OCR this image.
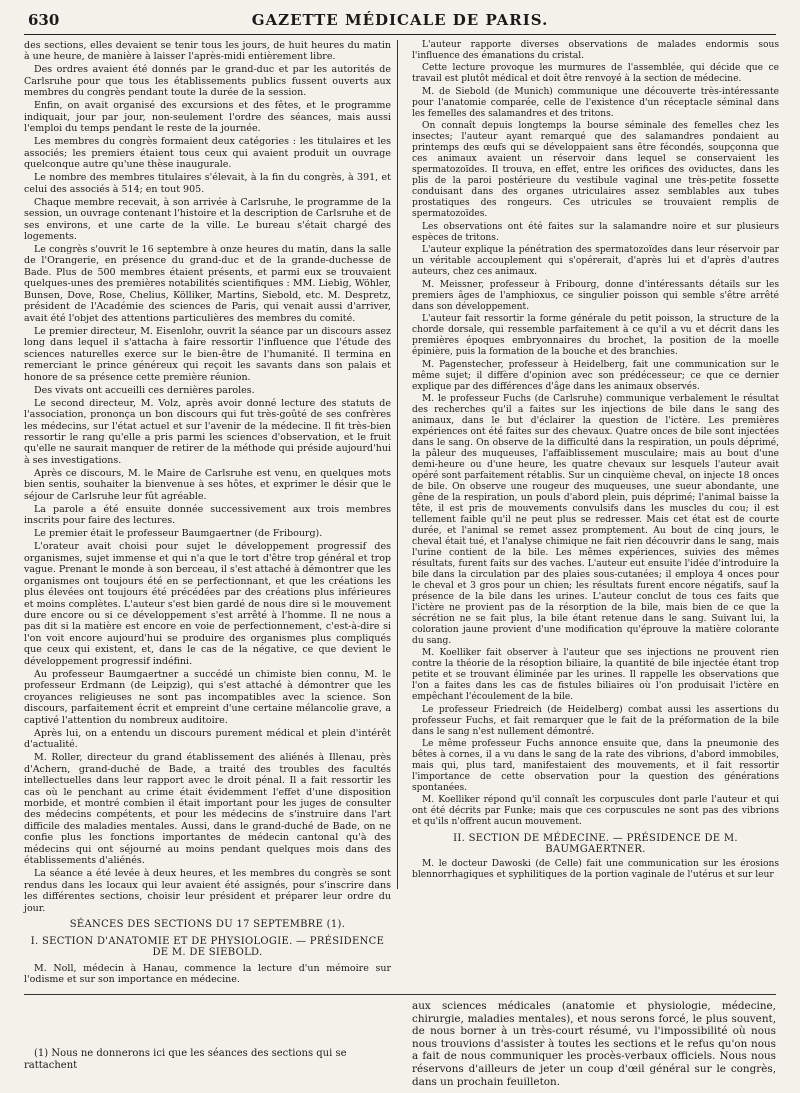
630	GAZETTE MÉDICALE DE PARIS.

des sections, elles devaient se tenir tous les jours, de huit heures du matin à une heure, de manière à laisser l'après-midi entièrement libre.

Des ordres avaient été donnés par le grand-duc et par les autorités de Carlsruhe pour que tous les établissements publics fussent ouverts aux membres du congrès pendant toute la durée de la session.

Enfin, on avait organisé des excursions et des fêtes, et le programme indiquait, jour par jour, non-seulement l'ordre des séances, mais aussi l'emploi du temps pendant le reste de la journée.

Les membres du congrès formaient deux catégories : les titulaires et les associés; les premiers étaient tous ceux qui avaient produit un ouvrage quelconque autre qu'une thèse inaugurale.

Le nombre des membres titulaires s'élevait, à la fin du congrès, à 391, et celui des associés à 514; en tout 905.

Chaque membre recevait, à son arrivée à Carlsruhe, le programme de la session, un ouvrage contenant l'histoire et la description de Carlsruhe et de ses environs, et une carte de la ville. Le bureau s'était chargé des logements.

Le congrès s'ouvrit le 16 septembre à onze heures du matin, dans la salle de l'Orangerie, en présence du grand-duc et de la grande-duchesse de Bade. Plus de 500 membres étaient présents, et parmi eux se trouvaient quelques-unes des premières notabilités scientifiques : MM. Liebig, Wöhler, Bunsen, Dove, Rose, Chelius, Kölliker, Martins, Siebold, etc. M. Despretz, président de l'Académie des sciences de Paris, qui venait aussi d'arriver, avait été l'objet des attentions particulières des membres du comité.

Le premier directeur, M. Eisenlohr, ouvrit la séance par un discours assez long dans lequel il s'attacha à faire ressortir l'influence que l'étude des sciences naturelles exerce sur le bien-être de l'humanité. Il termina en remerciant le prince généreux qui reçoit les savants dans son palais et honore de sa présence cette première réunion.

Des vivats ont accueilli ces dernières paroles.

Le second directeur, M. Volz, après avoir donné lecture des statuts de l'association, prononça un bon discours qui fut très-goûté de ses confrères les médecins, sur l'état actuel et sur l'avenir de la médecine. Il fit très-bien ressortir le rang qu'elle a pris parmi les sciences d'observation, et le fruit qu'elle ne saurait manquer de retirer de la méthode qui préside aujourd'hui à ses investigations.

Après ce discours, M. le Maire de Carlsruhe est venu, en quelques mots bien sentis, souhaiter la bienvenue à ses hôtes, et exprimer le désir que le séjour de Carlsruhe leur fût agréable.

La parole a été ensuite donnée successivement aux trois membres inscrits pour faire des lectures.

Le premier était le professeur Baumgaertner (de Fribourg).

L'orateur avait choisi pour sujet le développement progressif des organismes, sujet immense et qui n'a que le tort d'être trop général et trop vague. Prenant le monde à son berceau, il s'est attaché à démontrer que les organismes ont toujours été en se perfectionnant, et que les créations les plus élevées ont toujours été précédées par des créations plus inférieures et moins complètes. L'auteur s'est bien gardé de nous dire si le mouvement dure encore ou si ce développement s'est arrêté à l'homme. Il ne nous a pas dit si la matière est encore en voie de perfectionnement, c'est-à-dire si l'on voit encore aujourd'hui se produire des organismes plus compliqués que ceux qui existent, et, dans le cas de la négative, ce que devient le développement progressif indéfini.

Au professeur Baumgaertner a succédé un chimiste bien connu, M. le professeur Erdmann (de Leipzig), qui s'est attaché à démontrer que les croyances religieuses ne sont pas incompatibles avec la science. Son discours, parfaitement écrit et empreint d'une certaine mélancolie grave, a captivé l'attention du nombreux auditoire.

Après lui, on a entendu un discours purement médical et plein d'intérêt d'actualité.

M. Roller, directeur du grand établissement des aliénés à Illenau, près d'Achern, grand-duché de Bade, a traité des troubles des facultés intellectuelles dans leur rapport avec le droit pénal. Il a fait ressortir les cas où le penchant au crime était évidemment l'effet d'une disposition morbide, et montré combien il était important pour les juges de consulter des médecins compétents, et pour les médecins de s'instruire dans l'art difficile des maladies mentales. Aussi, dans le grand-duché de Bade, on ne confie plus les fonctions importantes de médecin cantonal qu'à des médecins qui ont séjourné au moins pendant quelques mois dans des établissements d'aliénés.

La séance a été levée à deux heures, et les membres du congrès se sont rendus dans les locaux qui leur avaient été assignés, pour s'inscrire dans les différentes sections, choisir leur président et préparer leur ordre du jour.

SÉANCES DES SECTIONS DU 17 SEPTEMBRE (1).
I. SECTION D'ANATOMIE ET DE PHYSIOLOGIE. — PRÉSIDENCE DE M. DE SIEBOLD.

M. Noll, médecin à Hanau, commence la lecture d'un mémoire sur l'odisme et sur son importance en médecine.

L'auteur rapporte diverses observations de malades endormis sous l'influence des émanations du cristal.

Cette lecture provoque les murmures de l'assemblée, qui décide que ce travail est plutôt médical et doit être renvoyé à la section de médecine.

M. de Siebold (de Munich) communique une découverte très-intéressante pour l'anatomie comparée, celle de l'existence d'un réceptacle séminal dans les femelles des salamandres et des tritons.

On connaît depuis longtemps la bourse séminale des femelles chez les insectes; l'auteur ayant remarqué que des salamandres pondaient au printemps des œufs qui se développaient sans être fécondés, soupçonna que ces animaux avaient un réservoir dans lequel se conservaient les spermatozoïdes. Il trouva, en effet, entre les orifices des oviductes, dans les plis de la paroi postérieure du vestibule vaginal une très-petite fossette conduisant dans des organes utriculaires assez semblables aux tubes prostatiques des rongeurs. Ces utricules se trouvaient remplis de spermatozoïdes.

Les observations ont été faites sur la salamandre noire et sur plusieurs espèces de tritons.

L'auteur explique la pénétration des spermatozoïdes dans leur réservoir par un véritable accouplement qui s'opérerait, d'après lui et d'après d'autres auteurs, chez ces animaux.

M. Meissner, professeur à Fribourg, donne d'intéressants détails sur les premiers âges de l'amphioxus, ce singulier poisson qui semble s'être arrêté dans son développement.

L'auteur fait ressortir la forme générale du petit poisson, la structure de la chorde dorsale, qui ressemble parfaitement à ce qu'il a vu et décrit dans les premières époques embryonnaires du brochet, la position de la moelle épinière, puis la formation de la bouche et des branchies.

M. Pagenstecher, professeur à Heidelberg, fait une communication sur le même sujet; il diffère d'opinion avec son prédécesseur; ce que ce dernier explique par des différences d'âge dans les animaux observés.

M. le professeur Fuchs (de Carlsruhe) communique verbalement le résultat des recherches qu'il a faites sur les injections de bile dans le sang des animaux, dans le but d'éclairer la question de l'ictère. Les premières expériences ont été faites sur des chevaux. Quatre onces de bile sont injectées dans le sang. On observe de la difficulté dans la respiration, un pouls déprimé, la pâleur des muqueuses, l'affaiblissement musculaire; mais au bout d'une demi-heure ou d'une heure, les quatre chevaux sur lesquels l'auteur avait opéré sont parfaitement rétablis. Sur un cinquième cheval, on injecte 18 onces de bile. On observe une rougeur des muqueuses, une sueur abondante, une gêne de la respiration, un pouls d'abord plein, puis déprimé; l'animal baisse la tête, il est pris de mouvements convulsifs dans les muscles du cou; il est tellement faible qu'il ne peut plus se redresser. Mais cet état est de courte durée, et l'animal se remet assez promptement. Au bout de cinq jours, le cheval était tué, et l'analyse chimique ne fait rien découvrir dans le sang, mais l'urine contient de la bile. Les mêmes expériences, suivies des mêmes résultats, furent faits sur des vaches. L'auteur eut ensuite l'idée d'introduire la bile dans la circulation par des plaies sous-cutanées; il employa 4 onces pour le cheval et 3 gros pour un chien; les résultats furent encore négatifs, sauf la présence de la bile dans les urines. L'auteur conclut de tous ces faits que l'ictère ne provient pas de la résorption de la bile, mais bien de ce que la sécrétion ne se fait plus, la bile étant retenue dans le sang. Suivant lui, la coloration jaune provient d'une modification qu'éprouve la matière colorante du sang.

M. Koelliker fait observer à l'auteur que ses injections ne prouvent rien contre la théorie de la résoption biliaire, la quantité de bile injectée étant trop petite et se trouvant éliminée par les urines. Il rappelle les observations que l'on a faites dans les cas de fistules biliaires où l'on produisait l'ictère en empêchant l'écoulement de la bile.

Le professeur Friedreich (de Heidelberg) combat aussi les assertions du professeur Fuchs, et fait remarquer que le fait de la préformation de la bile dans le sang n'est nullement démontré.

Le même professeur Fuchs annonce ensuite que, dans la pneumonie des bêtes à cornes, il a vu dans le sang de la rate des vibrions, d'abord immobiles, mais qui, plus tard, manifestaient des mouvements, et il fait ressortir l'importance de cette observation pour la question des générations spontanées.

M. Koelliker répond qu'il connaît les corpuscules dont parle l'auteur et qui ont été décrits par Funke; mais que ces corpuscules ne sont pas des vibrions et qu'ils n'offrent aucun mouvement.

II. SECTION DE MÉDECINE. — PRÉSIDENCE DE M. BAUMGAERTNER.

M. le docteur Dawoski (de Celle) fait une communication sur les érosions blennorrhagiques et syphilitiques de la portion vaginale de l'utérus et sur leur

aux sciences médicales (anatomie et physiologie, médecine, chirurgie, maladies mentales), et nous serons forcé, le plus souvent, de nous borner à un très-court résumé, vu l'impossibilité où nous nous trouvions d'assister à toutes les sections et le refus qu'on nous a fait de nous communiquer les procès-verbaux officiels. Nous nous réservons d'ailleurs de jeter un coup d'œil général sur le congrès, dans un prochain feuilleton.

(1) Nous ne donnerons ici que les séances des sections qui se rattachent
